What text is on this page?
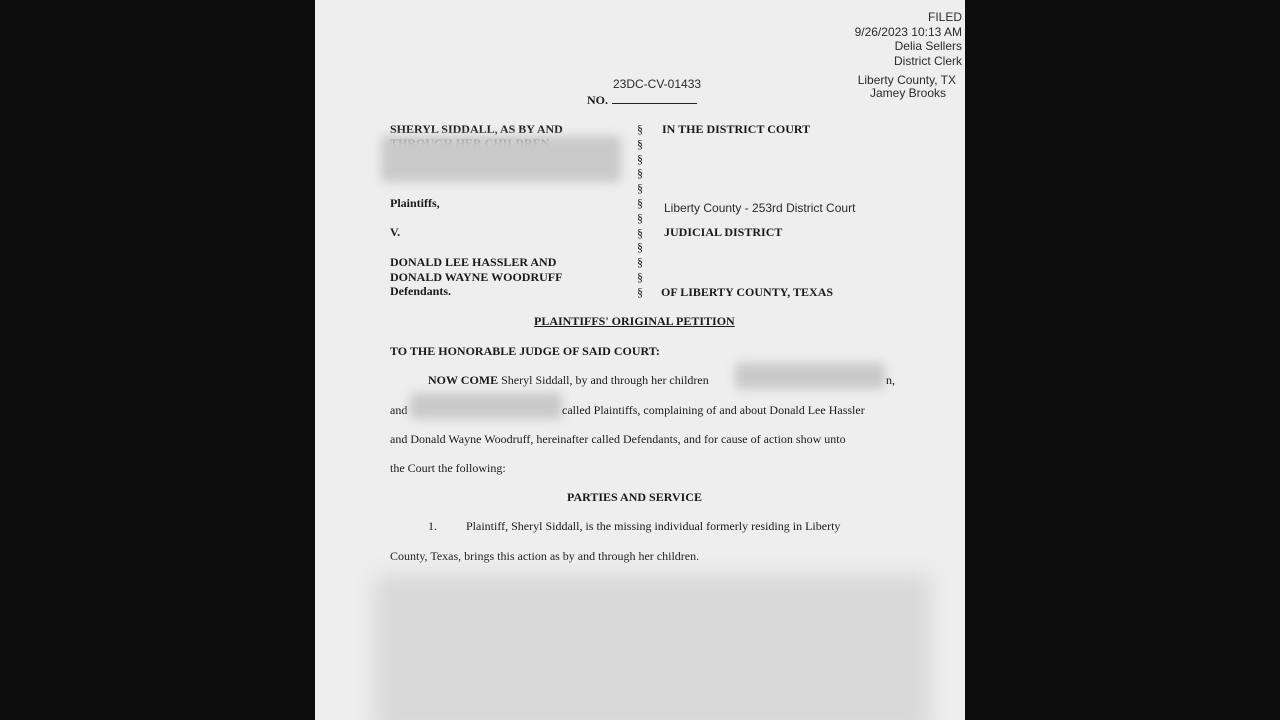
FILED
9/26/2023 10:13 AM
Delia Sellers
District Clerk
Liberty County, TX
Jamey Brooks
23DC-CV-01433
NO.
SHERYL SIDDALL, AS BY AND
Plaintiffs,
V.
DONALD LEE HASSLER AND
DONALD WAYNE WOODRUFF
Defendants.
§
§
§
§
§
§
§
§
§
§
§
§
IN THE DISTRICT COURT
Liberty County - 253rd District Court
JUDICIAL DISTRICT
OF LIBERTY COUNTY, TEXAS
PLAINTIFFS' ORIGINAL PETITION
TO THE HONORABLE JUDGE OF SAID COURT:
NOW COME Sheryl Siddall, by and through her children	n,
and	called Plaintiffs, complaining of and about Donald Lee Hassler
and Donald Wayne Woodruff, hereinafter called Defendants, and for cause of action show unto
the Court the following:
PARTIES AND SERVICE
1. Plaintiff, Sheryl Siddall, is the missing individual formerly residing in Liberty
County, Texas, brings this action as by and through her children.
